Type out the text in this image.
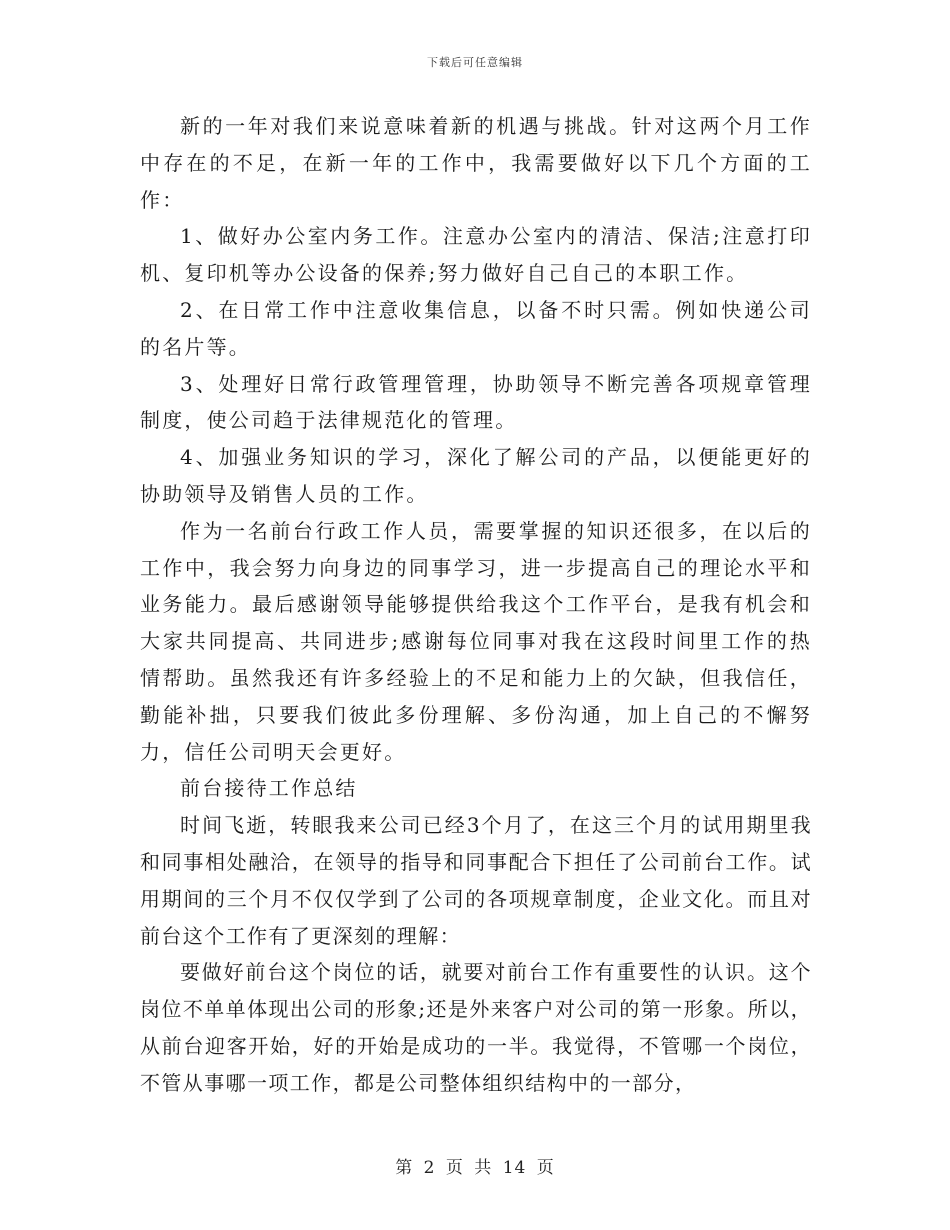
下载后可任意编辑

新的一年对我们来说意味着新的机遇与挑战。针对这两个月工作中存在的不足，在新一年的工作中，我需要做好以下几个方面的工作：

1、做好办公室内务工作。注意办公室内的清洁、保洁;注意打印机、复印机等办公设备的保养;努力做好自己自己的本职工作。

2、在日常工作中注意收集信息，以备不时只需。例如快递公司的名片等。

3、处理好日常行政管理管理，协助领导不断完善各项规章管理制度，使公司趋于法律规范化的管理。

4、加强业务知识的学习，深化了解公司的产品，以便能更好的协助领导及销售人员的工作。

作为一名前台行政工作人员，需要掌握的知识还很多，在以后的工作中，我会努力向身边的同事学习，进一步提高自己的理论水平和业务能力。最后感谢领导能够提供给我这个工作平台，是我有机会和大家共同提高、共同进步;感谢每位同事对我在这段时间里工作的热情帮助。虽然我还有许多经验上的不足和能力上的欠缺，但我信任，勤能补拙，只要我们彼此多份理解、多份沟通，加上自己的不懈努力，信任公司明天会更好。

前台接待工作总结

时间飞逝，转眼我来公司已经3个月了，在这三个月的试用期里我和同事相处融洽，在领导的指导和同事配合下担任了公司前台工作。试用期间的三个月不仅仅学到了公司的各项规章制度，企业文化。而且对前台这个工作有了更深刻的理解：

要做好前台这个岗位的话，就要对前台工作有重要性的认识。这个岗位不单单体现出公司的形象;还是外来客户对公司的第一形象。所以，从前台迎客开始，好的开始是成功的一半。我觉得，不管哪一个岗位，不管从事哪一项工作，都是公司整体组织结构中的一部分，

第 2 页 共 14 页
